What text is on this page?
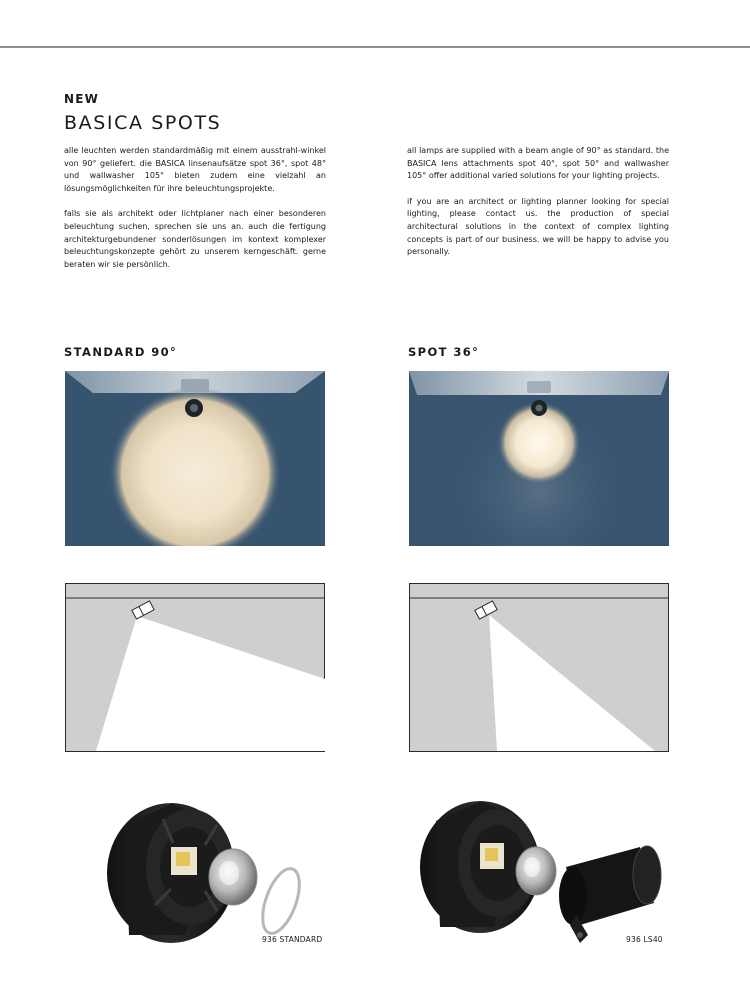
NEW
BASICA SPOTS

alle leuchten werden standardmäßig mit einem ausstrahl-winkel von 90° geliefert. die BASICA linsenaufsätze spot 36°, spot 48° und wallwasher 105° bieten zudem eine vielzahl an lösungsmöglichkeiten für ihre beleuchtungsprojekte.

falls sie als architekt oder lichtplaner nach einer besonderen beleuchtung suchen, sprechen sie uns an. auch die fertigung architekturgebundener sonderlösungen im kontext komplexer beleuchtungskonzepte gehört zu unserem kerngeschäft. gerne beraten wir sie persönlich.

all lamps are supplied with a beam angle of 90° as standard. the BASICA lens attachments spot 40°, spot 50° and wallwasher 105° offer additional varied solutions for your lighting projects.

if you are an architect or lighting planner looking for special lighting, please contact us. the production of special architectural solutions in the context of complex lighting concepts is part of our business. we will be happy to advise you personally.

STANDARD 90°	SPOT 36°
936 STANDARD	936 LS40
